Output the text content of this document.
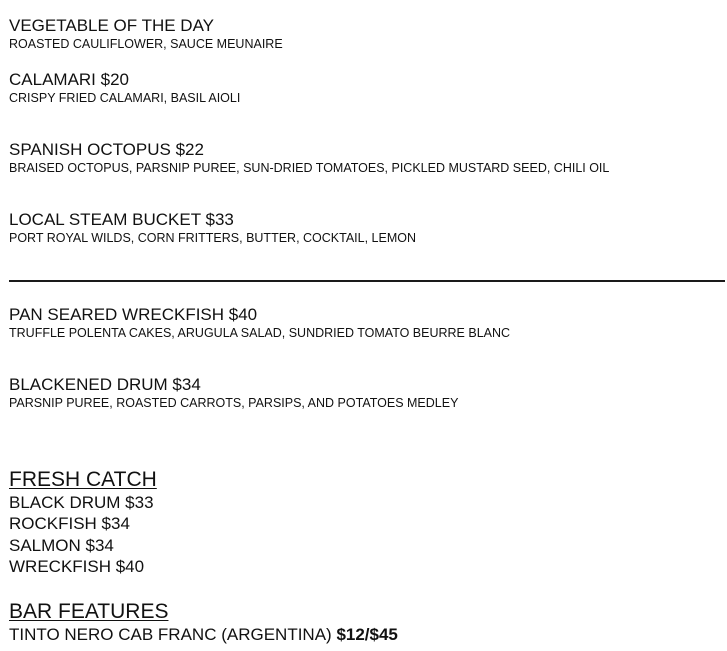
VEGETABLE OF THE DAY
ROASTED CAULIFLOWER, SAUCE MEUNAIRE
CALAMARI $20
CRISPY FRIED CALAMARI, BASIL AIOLI
SPANISH OCTOPUS $22
BRAISED OCTOPUS, PARSNIP PUREE, SUN-DRIED TOMATOES, PICKLED MUSTARD SEED, CHILI OIL
LOCAL STEAM BUCKET $33
PORT ROYAL WILDS, CORN FRITTERS, BUTTER, COCKTAIL, LEMON
PAN SEARED WRECKFISH $40
TRUFFLE POLENTA CAKES, ARUGULA SALAD, SUNDRIED TOMATO BEURRE BLANC
BLACKENED DRUM $34
PARSNIP PUREE, ROASTED CARROTS, PARSIPS, AND POTATOES MEDLEY
FRESH CATCH
BLACK DRUM $33
ROCKFISH $34
SALMON $34
WRECKFISH $40
BAR FEATURES
TINTO NERO CAB FRANC (ARGENTINA) $12/$45
